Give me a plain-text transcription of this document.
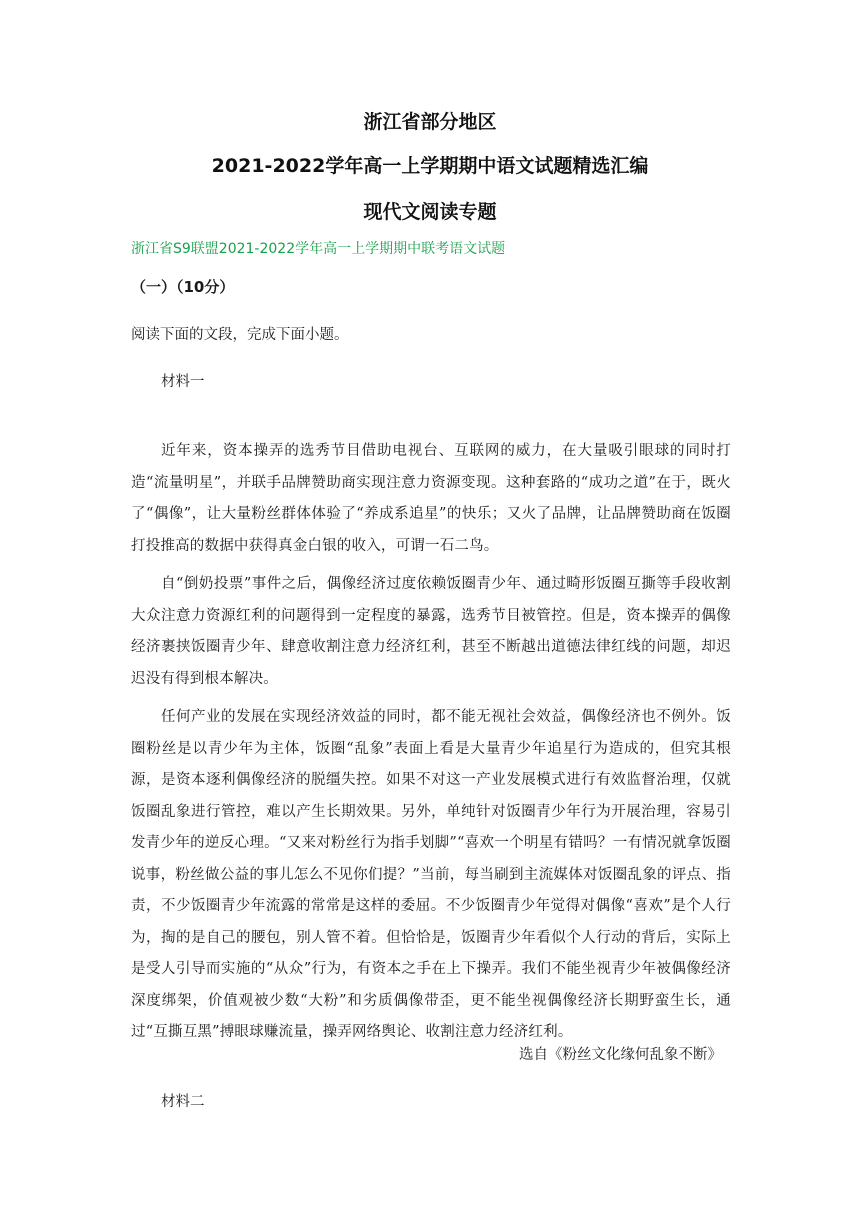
浙江省部分地区
2021-2022学年高一上学期期中语文试题精选汇编
现代文阅读专题
浙江省S9联盟2021-2022学年高一上学期期中联考语文试题
（一）（10分）
阅读下面的文段，完成下面小题。
材料一

近年来，资本操弄的选秀节目借助电视台、互联网的威力，在大量吸引眼球的同时打造“流量明星”，并联手品牌赞助商实现注意力资源变现。这种套路的“成功之道”在于，既火了“偶像”，让大量粉丝群体体验了“养成系追星”的快乐；又火了品牌，让品牌赞助商在饭圈打投推高的数据中获得真金白银的收入，可谓一石二鸟。

自“倒奶投票”事件之后，偶像经济过度依赖饭圈青少年、通过畸形饭圈互撕等手段收割大众注意力资源红利的问题得到一定程度的暴露，选秀节目被管控。但是，资本操弄的偶像经济裹挟饭圈青少年、肆意收割注意力经济红利，甚至不断越出道德法律红线的问题，却迟迟没有得到根本解决。

任何产业的发展在实现经济效益的同时，都不能无视社会效益，偶像经济也不例外。饭圈粉丝是以青少年为主体，饭圈“乱象”表面上看是大量青少年追星行为造成的，但究其根源，是资本逐利偶像经济的脱缰失控。如果不对这一产业发展模式进行有效监督治理，仅就饭圈乱象进行管控，难以产生长期效果。另外，单纯针对饭圈青少年行为开展治理，容易引发青少年的逆反心理。“又来对粉丝行为指手划脚”“喜欢一个明星有错吗？一有情况就拿饭圈说事，粉丝做公益的事儿怎么不见你们提？”当前，每当刷到主流媒体对饭圈乱象的评点、指责，不少饭圈青少年流露的常常是这样的委屈。不少饭圈青少年觉得对偶像“喜欢”是个人行为，掏的是自己的腰包，别人管不着。但恰恰是，饭圈青少年看似个人行动的背后，实际上是受人引导而实施的“从众”行为，有资本之手在上下操弄。我们不能坐视青少年被偶像经济深度绑架，价值观被少数“大粉”和劣质偶像带歪，更不能坐视偶像经济长期野蛮生长，通过“互撕互黑”搏眼球赚流量，操弄网络舆论、收割注意力经济红利。

选自《粉丝文化缘何乱象不断》
材料二
